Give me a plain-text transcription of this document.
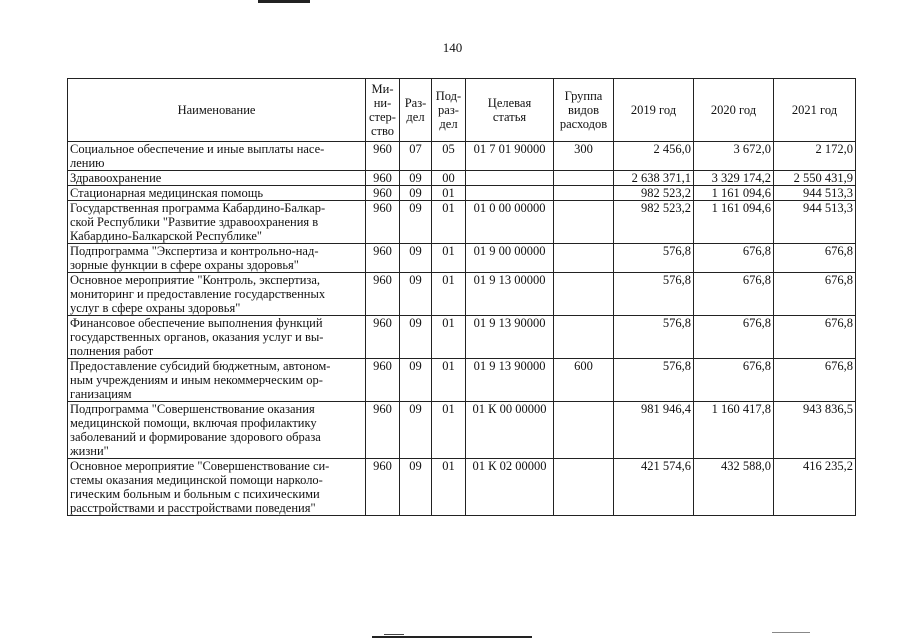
140
Наименование	Ми-
ни-
стер-
ство	Раз-
дел	Под-
раз-
дел	Целевая
статья	Группа
видов
расходов	2019 год	2020 год	2021 год

Социальное обеспечение и иные выплаты насе-
лению	960	07	05	01 7 01 90000	300	2 456,0	3 672,0	2 172,0
Здравоохранение	960	09	00			2 638 371,1	3 329 174,2	2 550 431,9
Стационарная медицинская помощь	960	09	01			982 523,2	1 161 094,6	944 513,3
Государственная программа Кабардино-Балкар-
ской Республики "Развитие здравоохранения в
Кабардино-Балкарской Республике"	960	09	01	01 0 00 00000		982 523,2	1 161 094,6	944 513,3
Подпрограмма "Экспертиза и контрольно-над-
зорные функции в сфере охраны здоровья"	960	09	01	01 9 00 00000		576,8	676,8	676,8
Основное мероприятие "Контроль, экспертиза,
мониторинг и предоставление государственных
услуг в сфере охраны здоровья"	960	09	01	01 9 13 00000		576,8	676,8	676,8
Финансовое обеспечение выполнения функций
государственных органов, оказания услуг и вы-
полнения работ	960	09	01	01 9 13 90000		576,8	676,8	676,8
Предоставление субсидий бюджетным, автоном-
ным учреждениям и иным некоммерческим ор-
ганизациям	960	09	01	01 9 13 90000	600	576,8	676,8	676,8
Подпрограмма "Совершенствование оказания
медицинской помощи, включая профилактику
заболеваний и формирование здорового образа
жизни"	960	09	01	01 К 00 00000		981 946,4	1 160 417,8	943 836,5
Основное мероприятие "Совершенствование си-
стемы оказания медицинской помощи нарколо-
гическим больным и больным с психическими
расстройствами и расстройствами поведения"	960	09	01	01 К 02 00000		421 574,6	432 588,0	416 235,2
